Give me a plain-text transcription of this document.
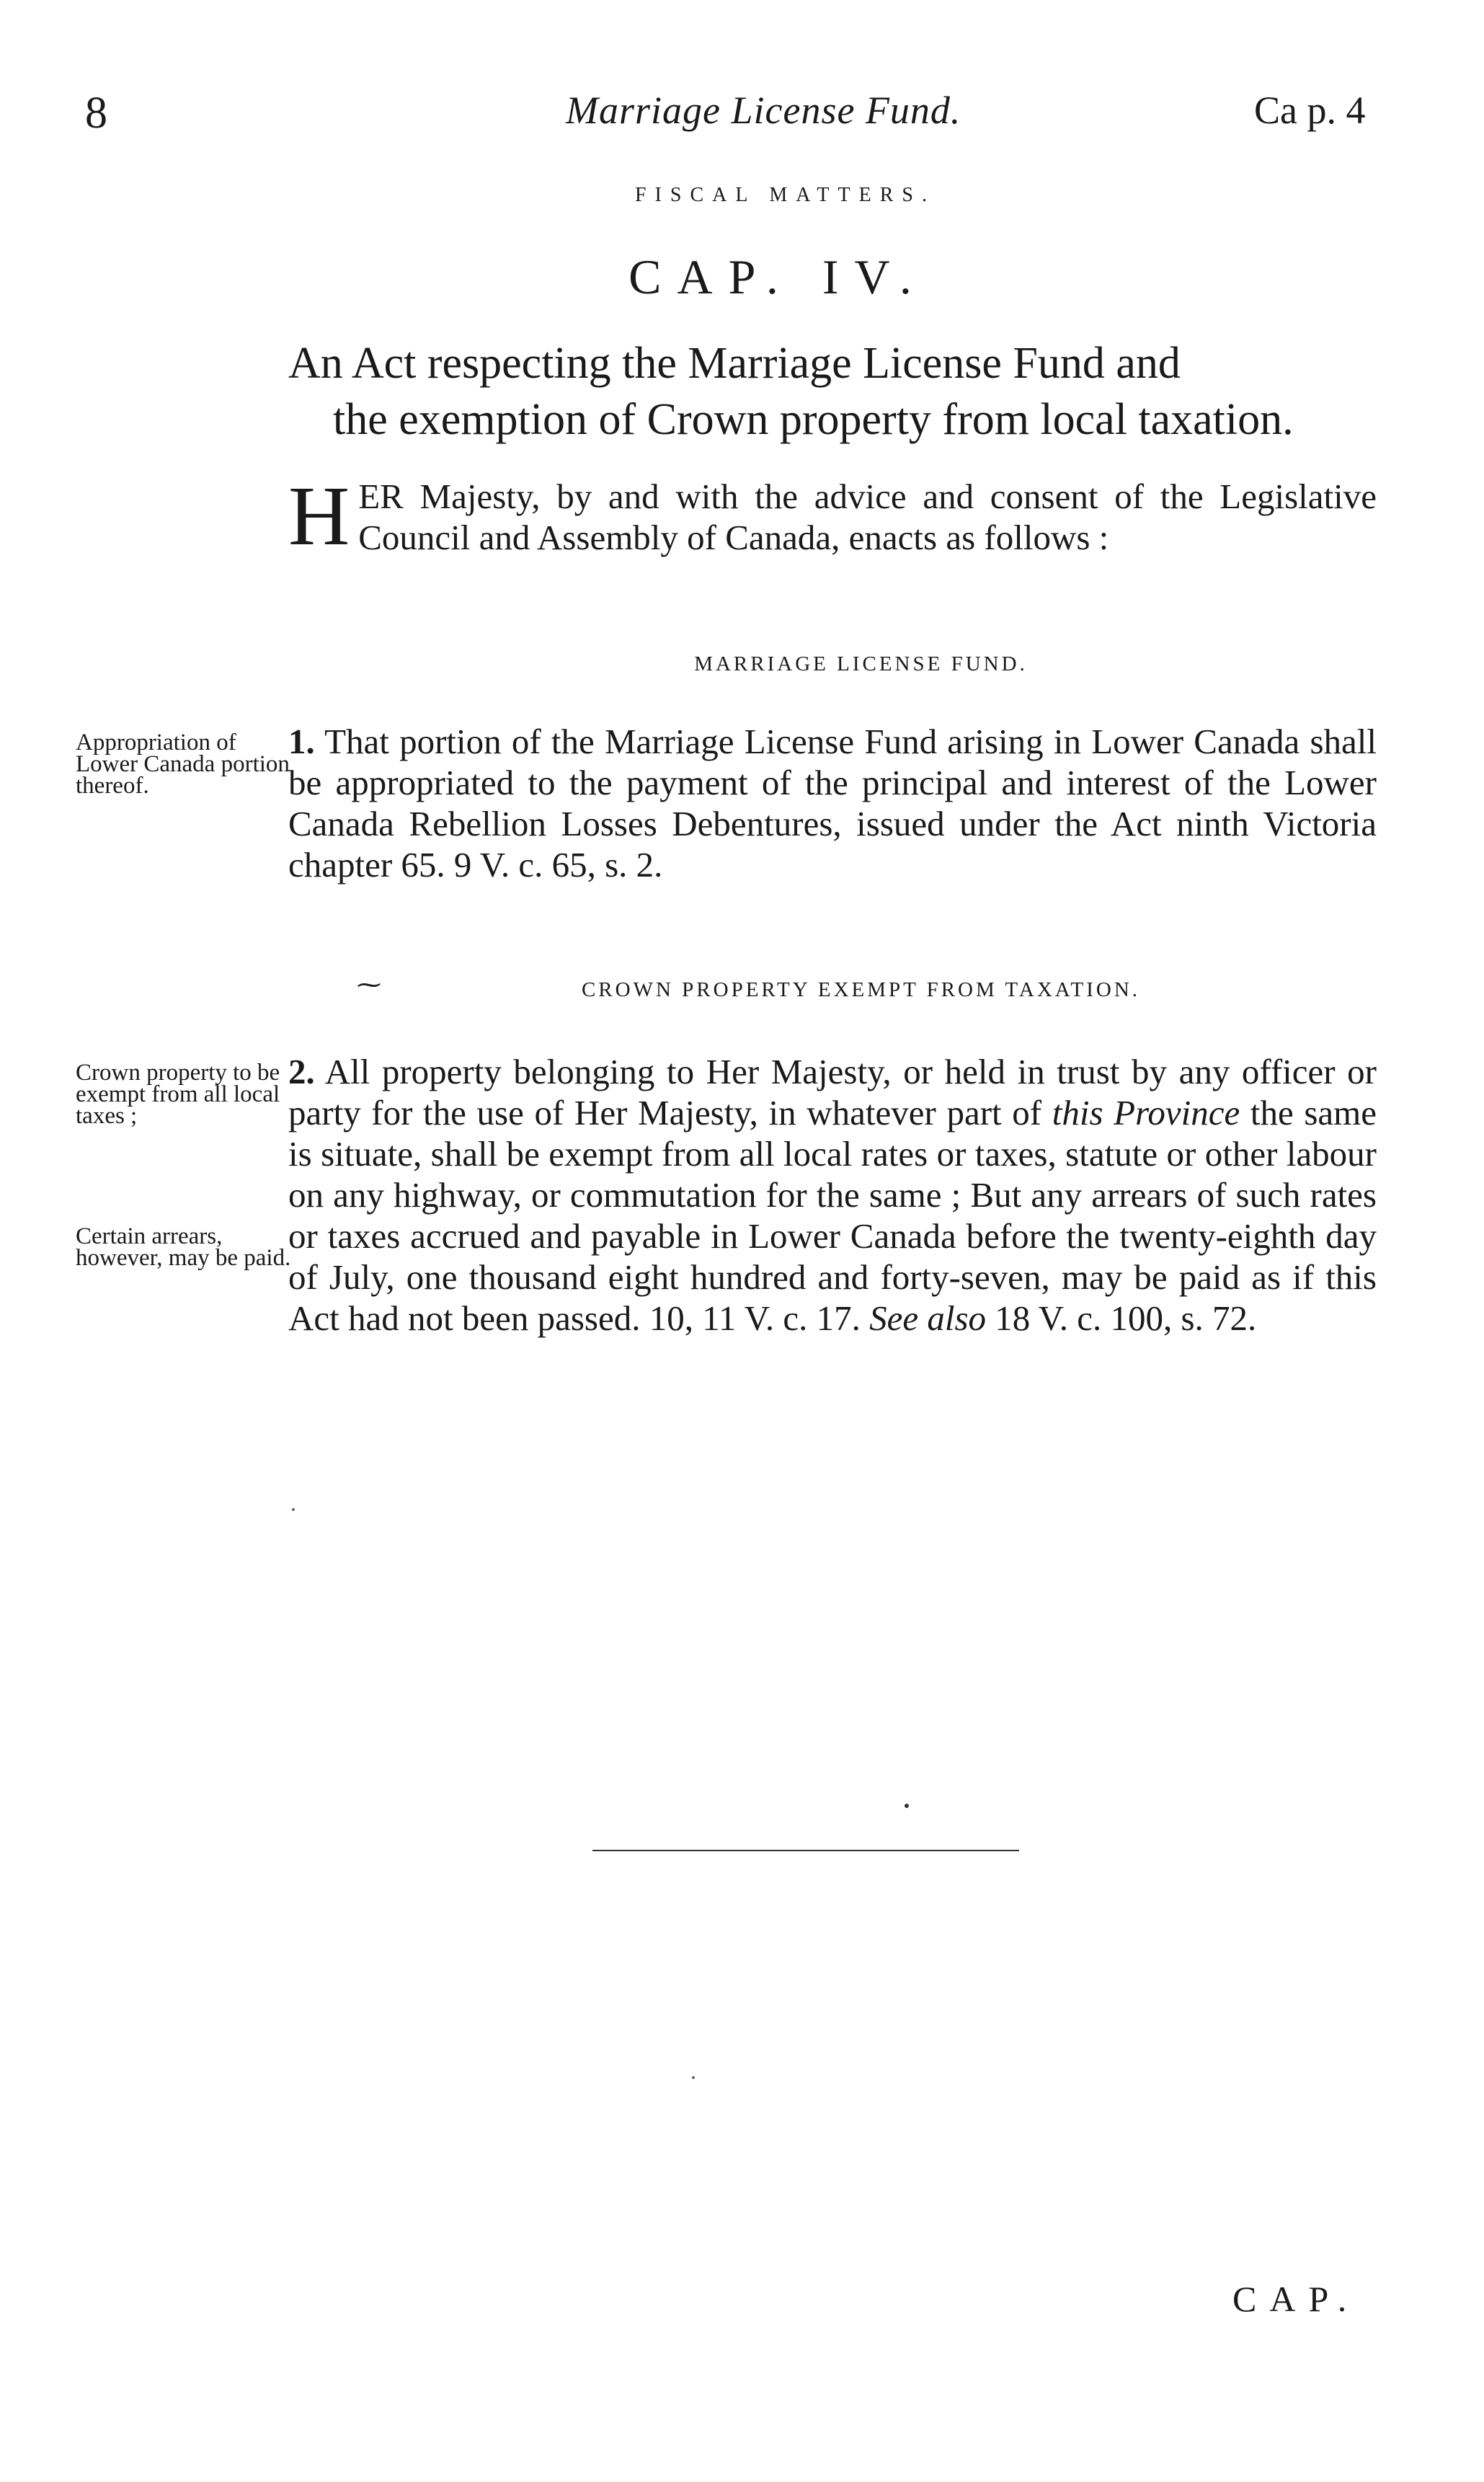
8	Marriage License Fund.	Ca p. 4
FISCAL MATTERS.
CAP. IV.
An Act respecting the Marriage License Fund and
the exemption of Crown property from local taxation.
HER Majesty, by and with the advice and consent of the Legislative Council and Assembly of Canada, enacts as follows :
MARRIAGE LICENSE FUND.
Appropriation of Lower Canada portion thereof.
1. That portion of the Marriage License Fund arising in Lower Canada shall be appropriated to the payment of the principal and interest of the Lower Canada Rebellion Losses Debentures, issued under the Act ninth Victoria chapter 65. 9 V. c. 65, s. 2.
⁓	CROWN PROPERTY EXEMPT FROM TAXATION.
Crown property to be exempt from all local taxes ;
Certain arrears, however, may be paid.
2. All property belonging to Her Majesty, or held in trust by any officer or party for the use of Her Majesty, in whatever part of this Province the same is situate, shall be exempt from all local rates or taxes, statute or other labour on any highway, or commutation for the same ; But any arrears of such rates or taxes accrued and payable in Lower Canada before the twenty-eighth day of July, one thousand eight hundred and forty-seven, may be paid as if this Act had not been passed. 10, 11 V. c. 17. See also 18 V. c. 100, s. 72.
CAP.
